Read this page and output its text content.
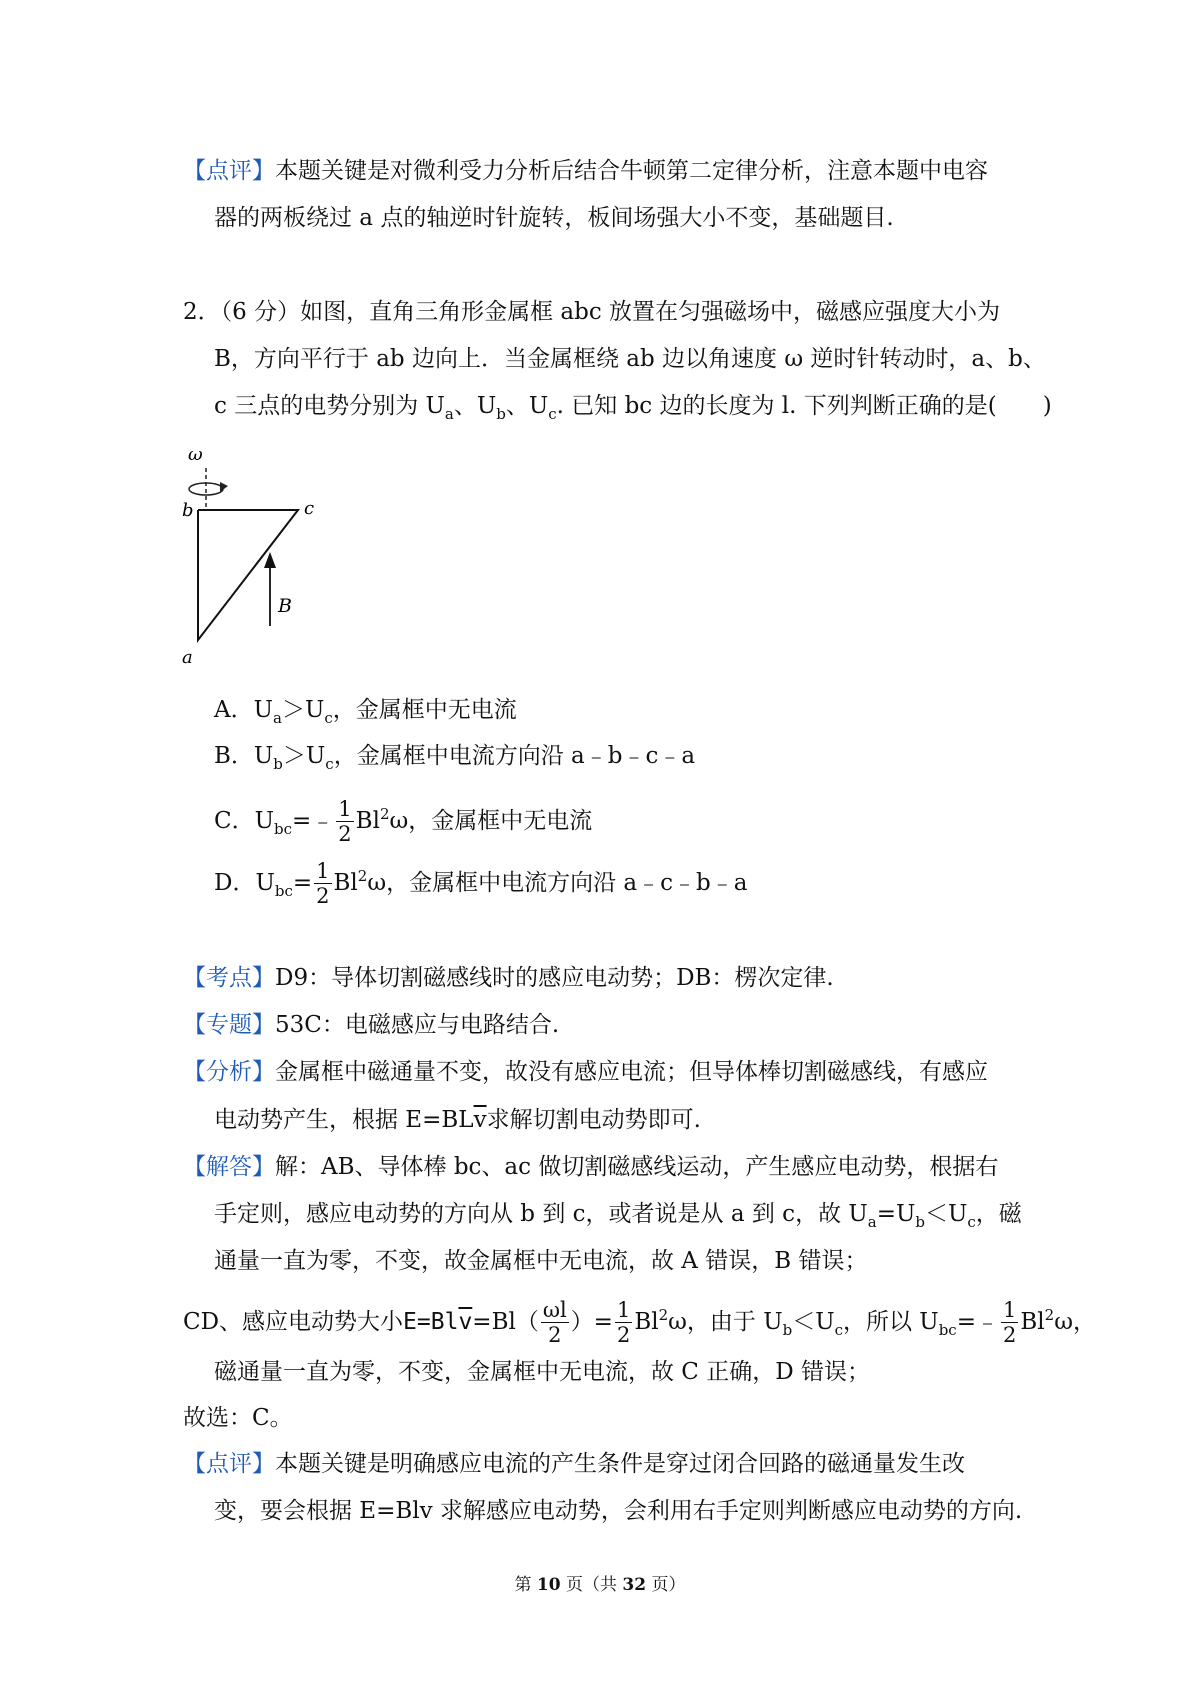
【点评】本题关键是对微利受力分析后结合牛顿第二定律分析，注意本题中电容
器的两板绕过 a 点的轴逆时针旋转，板间场强大小不变，基础题目.
2．（6 分）如图，直角三角形金属框 abc 放置在匀强磁场中，磁感应强度大小为
B，方向平行于 ab 边向上．当金属框绕 ab 边以角速度 ω 逆时针转动时，a、b、
c 三点的电势分别为 $U_a$、$U_b$、$U_c$. 已知 bc 边的长度为 l. 下列判断正确的是(　　)
ω
b	c
a
B
A．$U_a>U_c$，金属框中无电流
B．$U_b>U_c$，金属框中电流方向沿 a﹣b﹣c﹣a
C．$U_{bc}=﹣ \frac{1}{2} Bl^2\omega$，金属框中无电流
D．$U_{bc}= \frac{1}{2} Bl^2\omega$，金属框中电流方向沿 a﹣c﹣b﹣a
【考点】D9：导体切割磁感线时的感应电动势；DB：楞次定律.
【专题】53C：电磁感应与电路结合.
【分析】金属框中磁通量不变，故没有感应电流；但导体棒切割磁感线，有感应
电动势产生，根据 $E=BL\overline{v}$求解切割电动势即可.
【解答】解：AB、导体棒 bc、ac 做切割磁感线运动，产生感应电动势，根据右
手定则，感应电动势的方向从 b 到 c，或者说是从 a 到 c，故 $U_a=U_b<U_c$，磁
通量一直为零，不变，故金属框中无电流，故 A 错误，B 错误；
CD、感应电动势大小$E=Bl\overline{v}=Bl( \frac{\omega l}{2}$ ）= $\frac{1}{2} Bl^2\omega$，由于 $U_b<U_c$，所以 $U_{bc}=﹣ \frac{1}{2} Bl^2\omega$，
磁通量一直为零，不变，金属框中无电流，故 C 正确，D 错误；
故选：C。
【点评】本题关键是明确感应电流的产生条件是穿过闭合回路的磁通量发生改
变，要会根据 E=Blv 求解感应电动势，会利用右手定则判断感应电动势的方向.
第 10 页（共 32 页）
